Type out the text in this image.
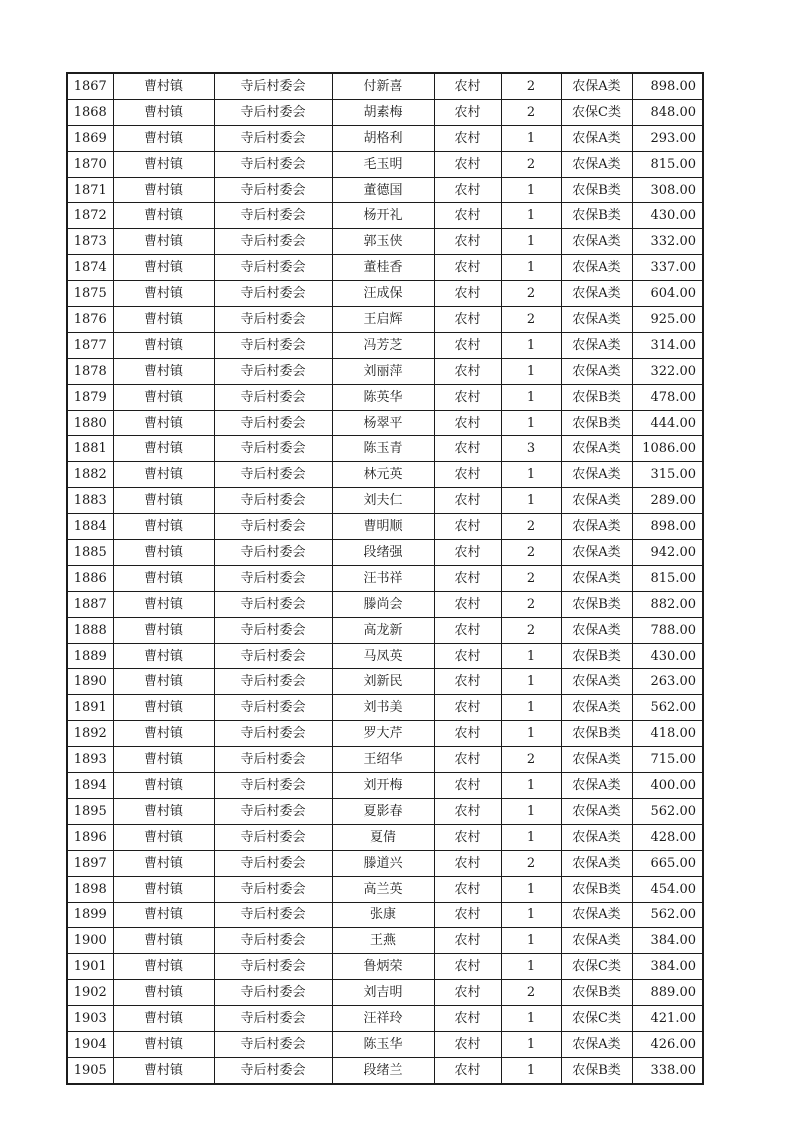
1867	曹村镇	寺后村委会	付新喜	农村	2	农保A类	898.00
1868	曹村镇	寺后村委会	胡素梅	农村	2	农保C类	848.00
1869	曹村镇	寺后村委会	胡格利	农村	1	农保A类	293.00
1870	曹村镇	寺后村委会	毛玉明	农村	2	农保A类	815.00
1871	曹村镇	寺后村委会	董德国	农村	1	农保B类	308.00
1872	曹村镇	寺后村委会	杨开礼	农村	1	农保B类	430.00
1873	曹村镇	寺后村委会	郭玉侠	农村	1	农保A类	332.00
1874	曹村镇	寺后村委会	董桂香	农村	1	农保A类	337.00
1875	曹村镇	寺后村委会	汪成保	农村	2	农保A类	604.00
1876	曹村镇	寺后村委会	王启辉	农村	2	农保A类	925.00
1877	曹村镇	寺后村委会	冯芳芝	农村	1	农保A类	314.00
1878	曹村镇	寺后村委会	刘丽萍	农村	1	农保A类	322.00
1879	曹村镇	寺后村委会	陈英华	农村	1	农保B类	478.00
1880	曹村镇	寺后村委会	杨翠平	农村	1	农保B类	444.00
1881	曹村镇	寺后村委会	陈玉青	农村	3	农保A类	1086.00
1882	曹村镇	寺后村委会	林元英	农村	1	农保A类	315.00
1883	曹村镇	寺后村委会	刘夫仁	农村	1	农保A类	289.00
1884	曹村镇	寺后村委会	曹明顺	农村	2	农保A类	898.00
1885	曹村镇	寺后村委会	段绪强	农村	2	农保A类	942.00
1886	曹村镇	寺后村委会	汪书祥	农村	2	农保A类	815.00
1887	曹村镇	寺后村委会	滕尚会	农村	2	农保B类	882.00
1888	曹村镇	寺后村委会	高龙新	农村	2	农保A类	788.00
1889	曹村镇	寺后村委会	马凤英	农村	1	农保B类	430.00
1890	曹村镇	寺后村委会	刘新民	农村	1	农保A类	263.00
1891	曹村镇	寺后村委会	刘书美	农村	1	农保A类	562.00
1892	曹村镇	寺后村委会	罗大芹	农村	1	农保B类	418.00
1893	曹村镇	寺后村委会	王绍华	农村	2	农保A类	715.00
1894	曹村镇	寺后村委会	刘开梅	农村	1	农保A类	400.00
1895	曹村镇	寺后村委会	夏影春	农村	1	农保A类	562.00
1896	曹村镇	寺后村委会	夏倩	农村	1	农保A类	428.00
1897	曹村镇	寺后村委会	滕道兴	农村	2	农保A类	665.00
1898	曹村镇	寺后村委会	高兰英	农村	1	农保B类	454.00
1899	曹村镇	寺后村委会	张康	农村	1	农保A类	562.00
1900	曹村镇	寺后村委会	王燕	农村	1	农保A类	384.00
1901	曹村镇	寺后村委会	鲁炳荣	农村	1	农保C类	384.00
1902	曹村镇	寺后村委会	刘吉明	农村	2	农保B类	889.00
1903	曹村镇	寺后村委会	汪祥玲	农村	1	农保C类	421.00
1904	曹村镇	寺后村委会	陈玉华	农村	1	农保A类	426.00
1905	曹村镇	寺后村委会	段绪兰	农村	1	农保B类	338.00
